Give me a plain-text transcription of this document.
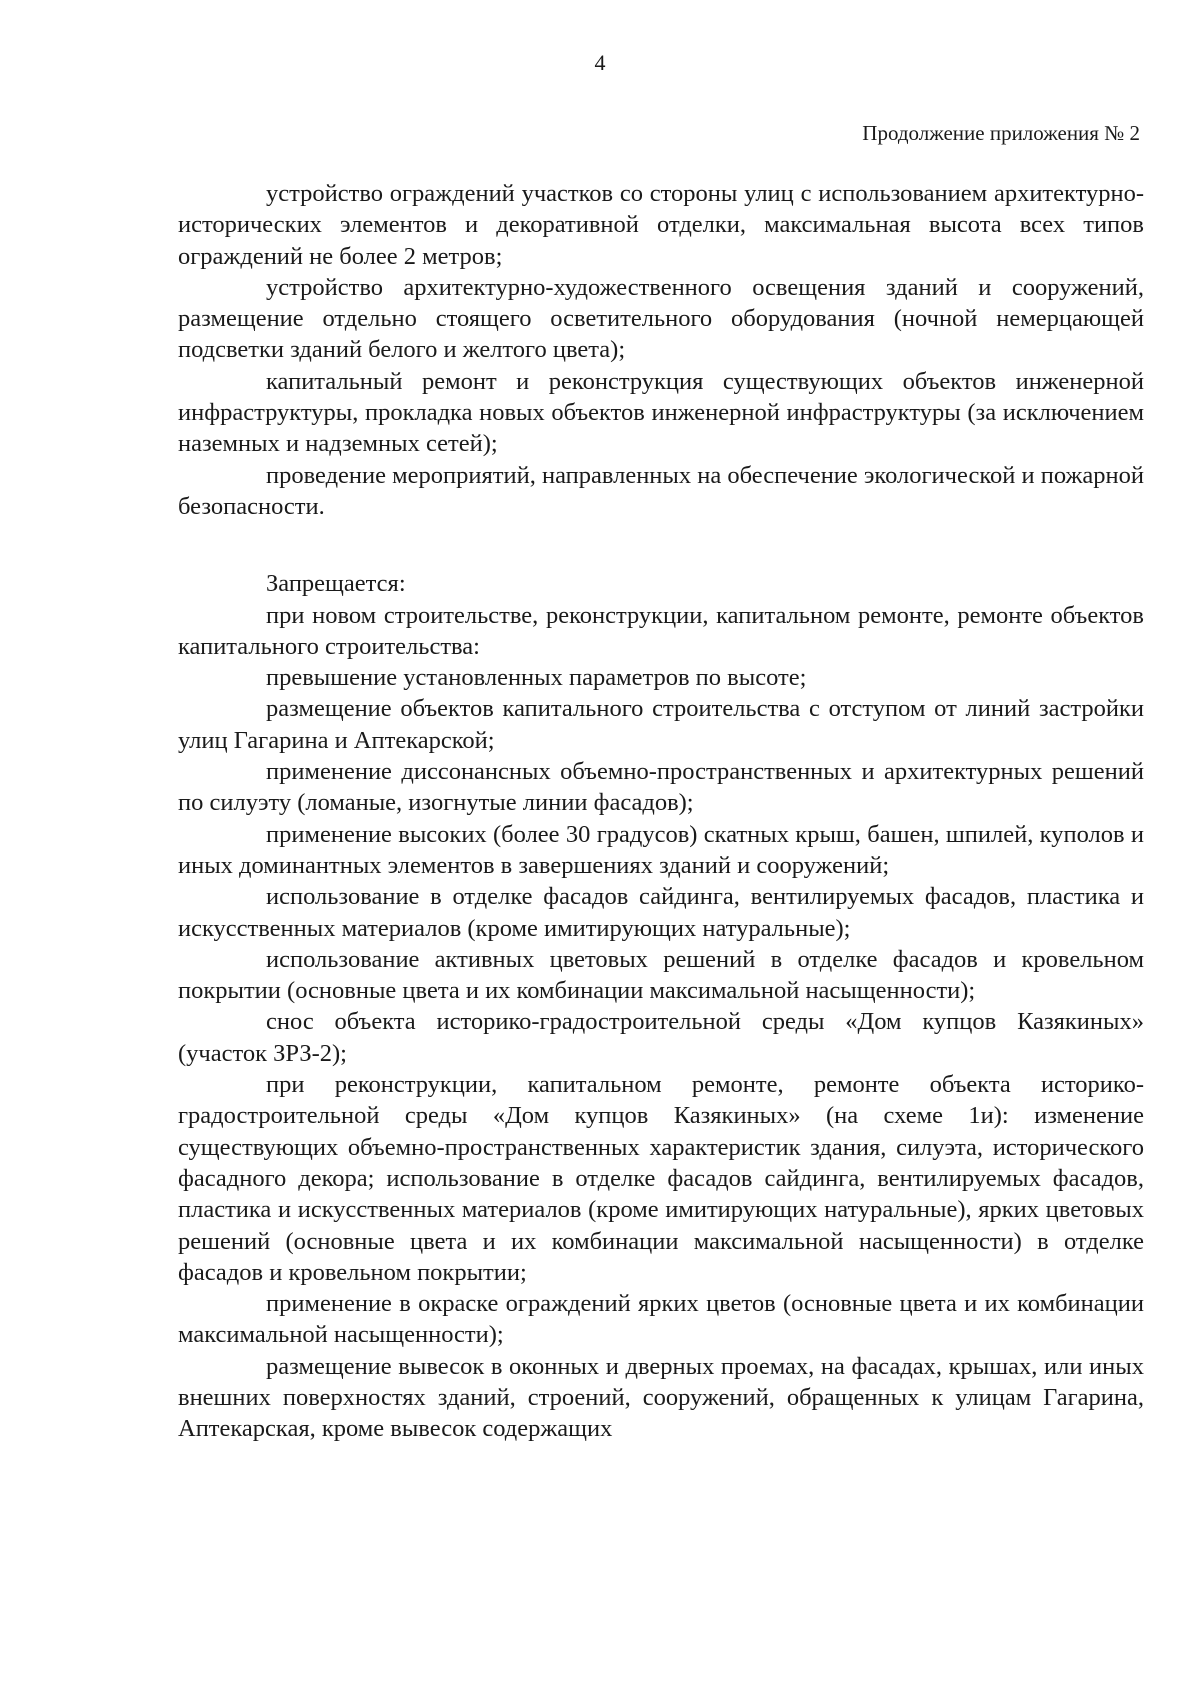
4

Продолжение приложения № 2

устройство ограждений участков со стороны улиц с использованием архитектурно-исторических элементов и декоративной отделки, максимальная высота всех типов ограждений не более 2 метров;

устройство архитектурно-художественного освещения зданий и сооружений, размещение отдельно стоящего осветительного оборудования (ночной немерцающей подсветки зданий белого и желтого цвета);

капитальный ремонт и реконструкция существующих объектов инженерной инфраструктуры, прокладка новых объектов инженерной инфраструктуры (за исключением наземных и надземных сетей);

проведение мероприятий, направленных на обеспечение экологической и пожарной безопасности.

Запрещается:

при новом строительстве, реконструкции, капитальном ремонте, ремонте объектов капитального строительства:

превышение установленных параметров по высоте;

размещение объектов капитального строительства с отступом от линий застройки улиц Гагарина и Аптекарской;

применение диссонансных объемно-пространственных и архитектурных решений по силуэту (ломаные, изогнутые линии фасадов);

применение высоких (более 30 градусов) скатных крыш, башен, шпилей, куполов и иных доминантных элементов в завершениях зданий и сооружений;

использование в отделке фасадов сайдинга, вентилируемых фасадов, пластика и искусственных материалов (кроме имитирующих натуральные);

использование активных цветовых решений в отделке фасадов и кровельном покрытии (основные цвета и их комбинации максимальной насыщенности);

снос объекта историко-градостроительной среды «Дом купцов Казякиных» (участок ЗРЗ-2);

при реконструкции, капитальном ремонте, ремонте объекта историко-градостроительной среды «Дом купцов Казякиных» (на схеме 1и): изменение существующих объемно-пространственных характеристик здания, силуэта, исторического фасадного декора; использование в отделке фасадов сайдинга, вентилируемых фасадов, пластика и искусственных материалов (кроме имитирующих натуральные), ярких цветовых решений (основные цвета и их комбинации максимальной насыщенности) в отделке фасадов и кровельном покрытии;

применение в окраске ограждений ярких цветов (основные цвета и их комбинации максимальной насыщенности);

размещение вывесок в оконных и дверных проемах, на фасадах, крышах, или иных внешних поверхностях зданий, строений, сооружений, обращенных к улицам Гагарина, Аптекарская, кроме вывесок содержащих
